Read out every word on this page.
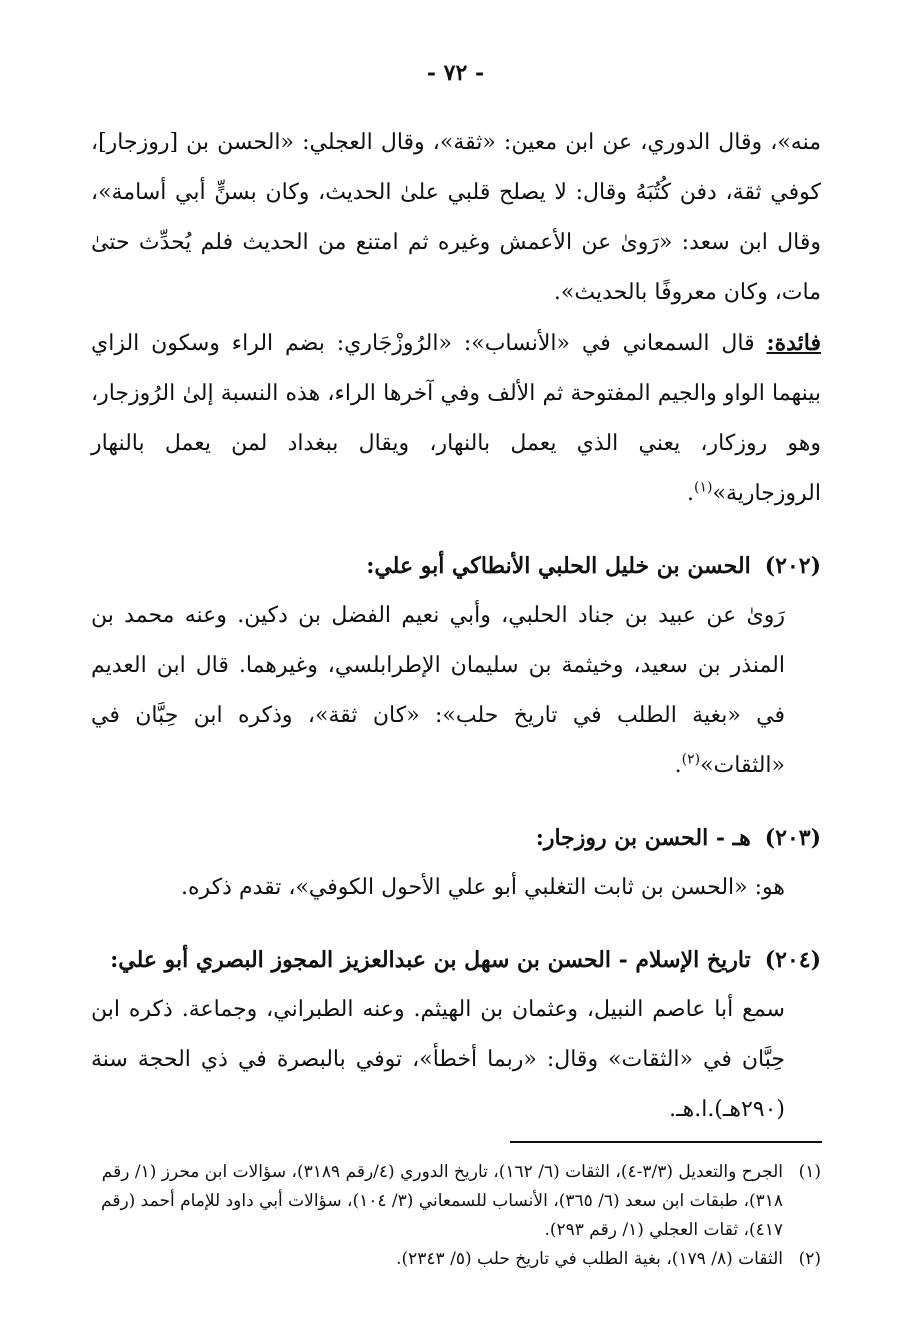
- ٧٢ -

منه»، وقال الدوري، عن ابن معين: «ثقة»، وقال العجلي: «الحسن بن [روزجار]، كوفي ثقة، دفن كُتُبَهُ وقال: لا يصلح قلبي علىٰ الحديث، وكان بسنٍّ أبي أسامة»، وقال ابن سعد: «رَوىٰ عن الأعمش وغيره ثم امتنع من الحديث فلم يُحدِّث حتىٰ مات، وكان معروفًا بالحديث».

فائدة: قال السمعاني في «الأنساب»: «الرُوزْجَاري: بضم الراء وسكون الزاي بينهما الواو والجيم المفتوحة ثم الألف وفي آخرها الراء، هذه النسبة إلىٰ الرُوزجار، وهو روزكار، يعني الذي يعمل بالنهار، ويقال ببغداد لمن يعمل بالنهار الروزجارية»$^{(١)}$.

(٢٠٢)الحسن بن خليل الحلبي الأنطاكي أبو علي:

رَوىٰ عن عبيد بن جناد الحلبي، وأبي نعيم الفضل بن دكين. وعنه محمد بن المنذر بن سعيد، وخيثمة بن سليمان الإطرابلسي، وغيرهما. قال ابن العديم في «بغية الطلب في تاريخ حلب»: «كان ثقة»، وذكره ابن حِبَّان في «الثقات»$^{(٢)}$.

(٢٠٣)هـ - الحسن بن روزجار:

هو: «الحسن بن ثابت التغلبي أبو علي الأحول الكوفي»، تقدم ذكره.

(٢٠٤)تاريخ الإسلام - الحسن بن سهل بن عبدالعزيز المجوز البصري أبو علي:

سمع أبا عاصم النبيل، وعثمان بن الهيثم. وعنه الطبراني، وجماعة. ذكره ابن حِبَّان في «الثقات» وقال: «ربما أخطأ»، توفي بالبصرة في ذي الحجة سنة (٢٩٠هـ).ا.هـ.

(١)
الجرح والتعديل (٣/٣-٤)، الثقات (٦/ ١٦٢)، تاريخ الدوري (٤/رقم ٣١٨٩)، سؤالات ابن محرز (١/ رقم ٣١٨)، طبقات ابن سعد (٦/ ٣٦٥)، الأنساب للسمعاني (٣/ ١٠٤)، سؤالات أبي داود للإمام أحمد (رقم ٤١٧)، ثقات العجلي (١/ رقم ٢٩٣).
(٢)
الثقات (٨/ ١٧٩)، بغية الطلب في تاريخ حلب (٥/ ٢٣٤٣).
